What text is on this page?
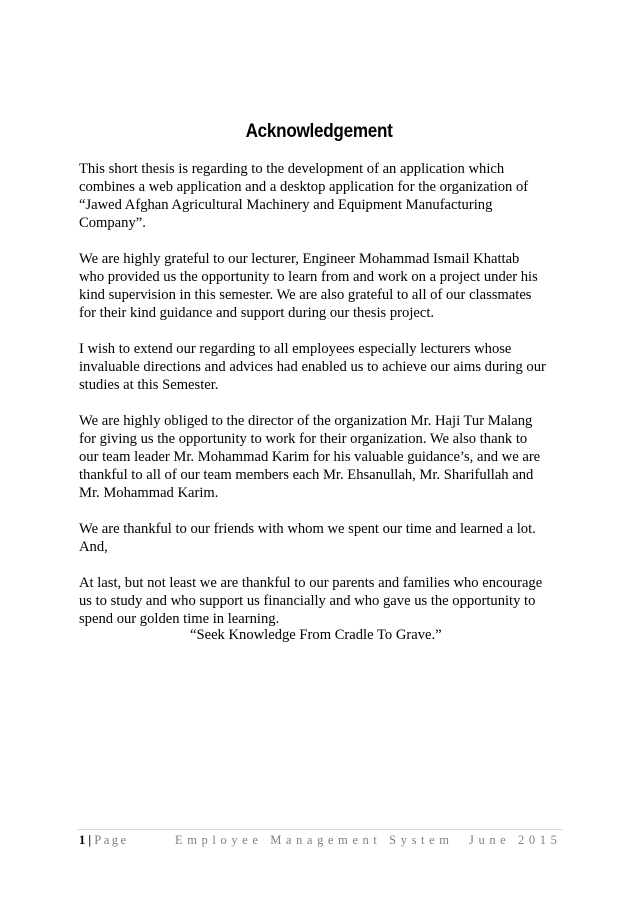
Acknowledgement

This short thesis is regarding to the development of an application which
combines a web application and a desktop application for the organization of
“Jawed Afghan Agricultural Machinery and Equipment Manufacturing
Company”.

We are highly grateful to our lecturer, Engineer Mohammad Ismail Khattab
who provided us the opportunity to learn from and work on a project under his
kind supervision in this semester. We are also grateful to all of our classmates
for their kind guidance and support during our thesis project.

I wish to extend our regarding to all employees especially lecturers whose
invaluable directions and advices had enabled us to achieve our aims during our
studies at this Semester.

We are highly obliged to the director of the organization Mr. Haji Tur Malang
for giving us the opportunity to work for their organization. We also thank to
our team leader Mr. Mohammad Karim for his valuable guidance’s, and we are
thankful to all of our team members each Mr. Ehsanullah, Mr. Sharifullah and
Mr. Mohammad Karim.

We are thankful to our friends with whom we spent our time and learned a lot.
And,

At last, but not least we are thankful to our parents and families who encourage
us to study and who support us financially and who gave us the opportunity to
spend our golden time in learning.

“Seek Knowledge From Cradle To Grave.”
1 | Page	Employee Management System June 2015
